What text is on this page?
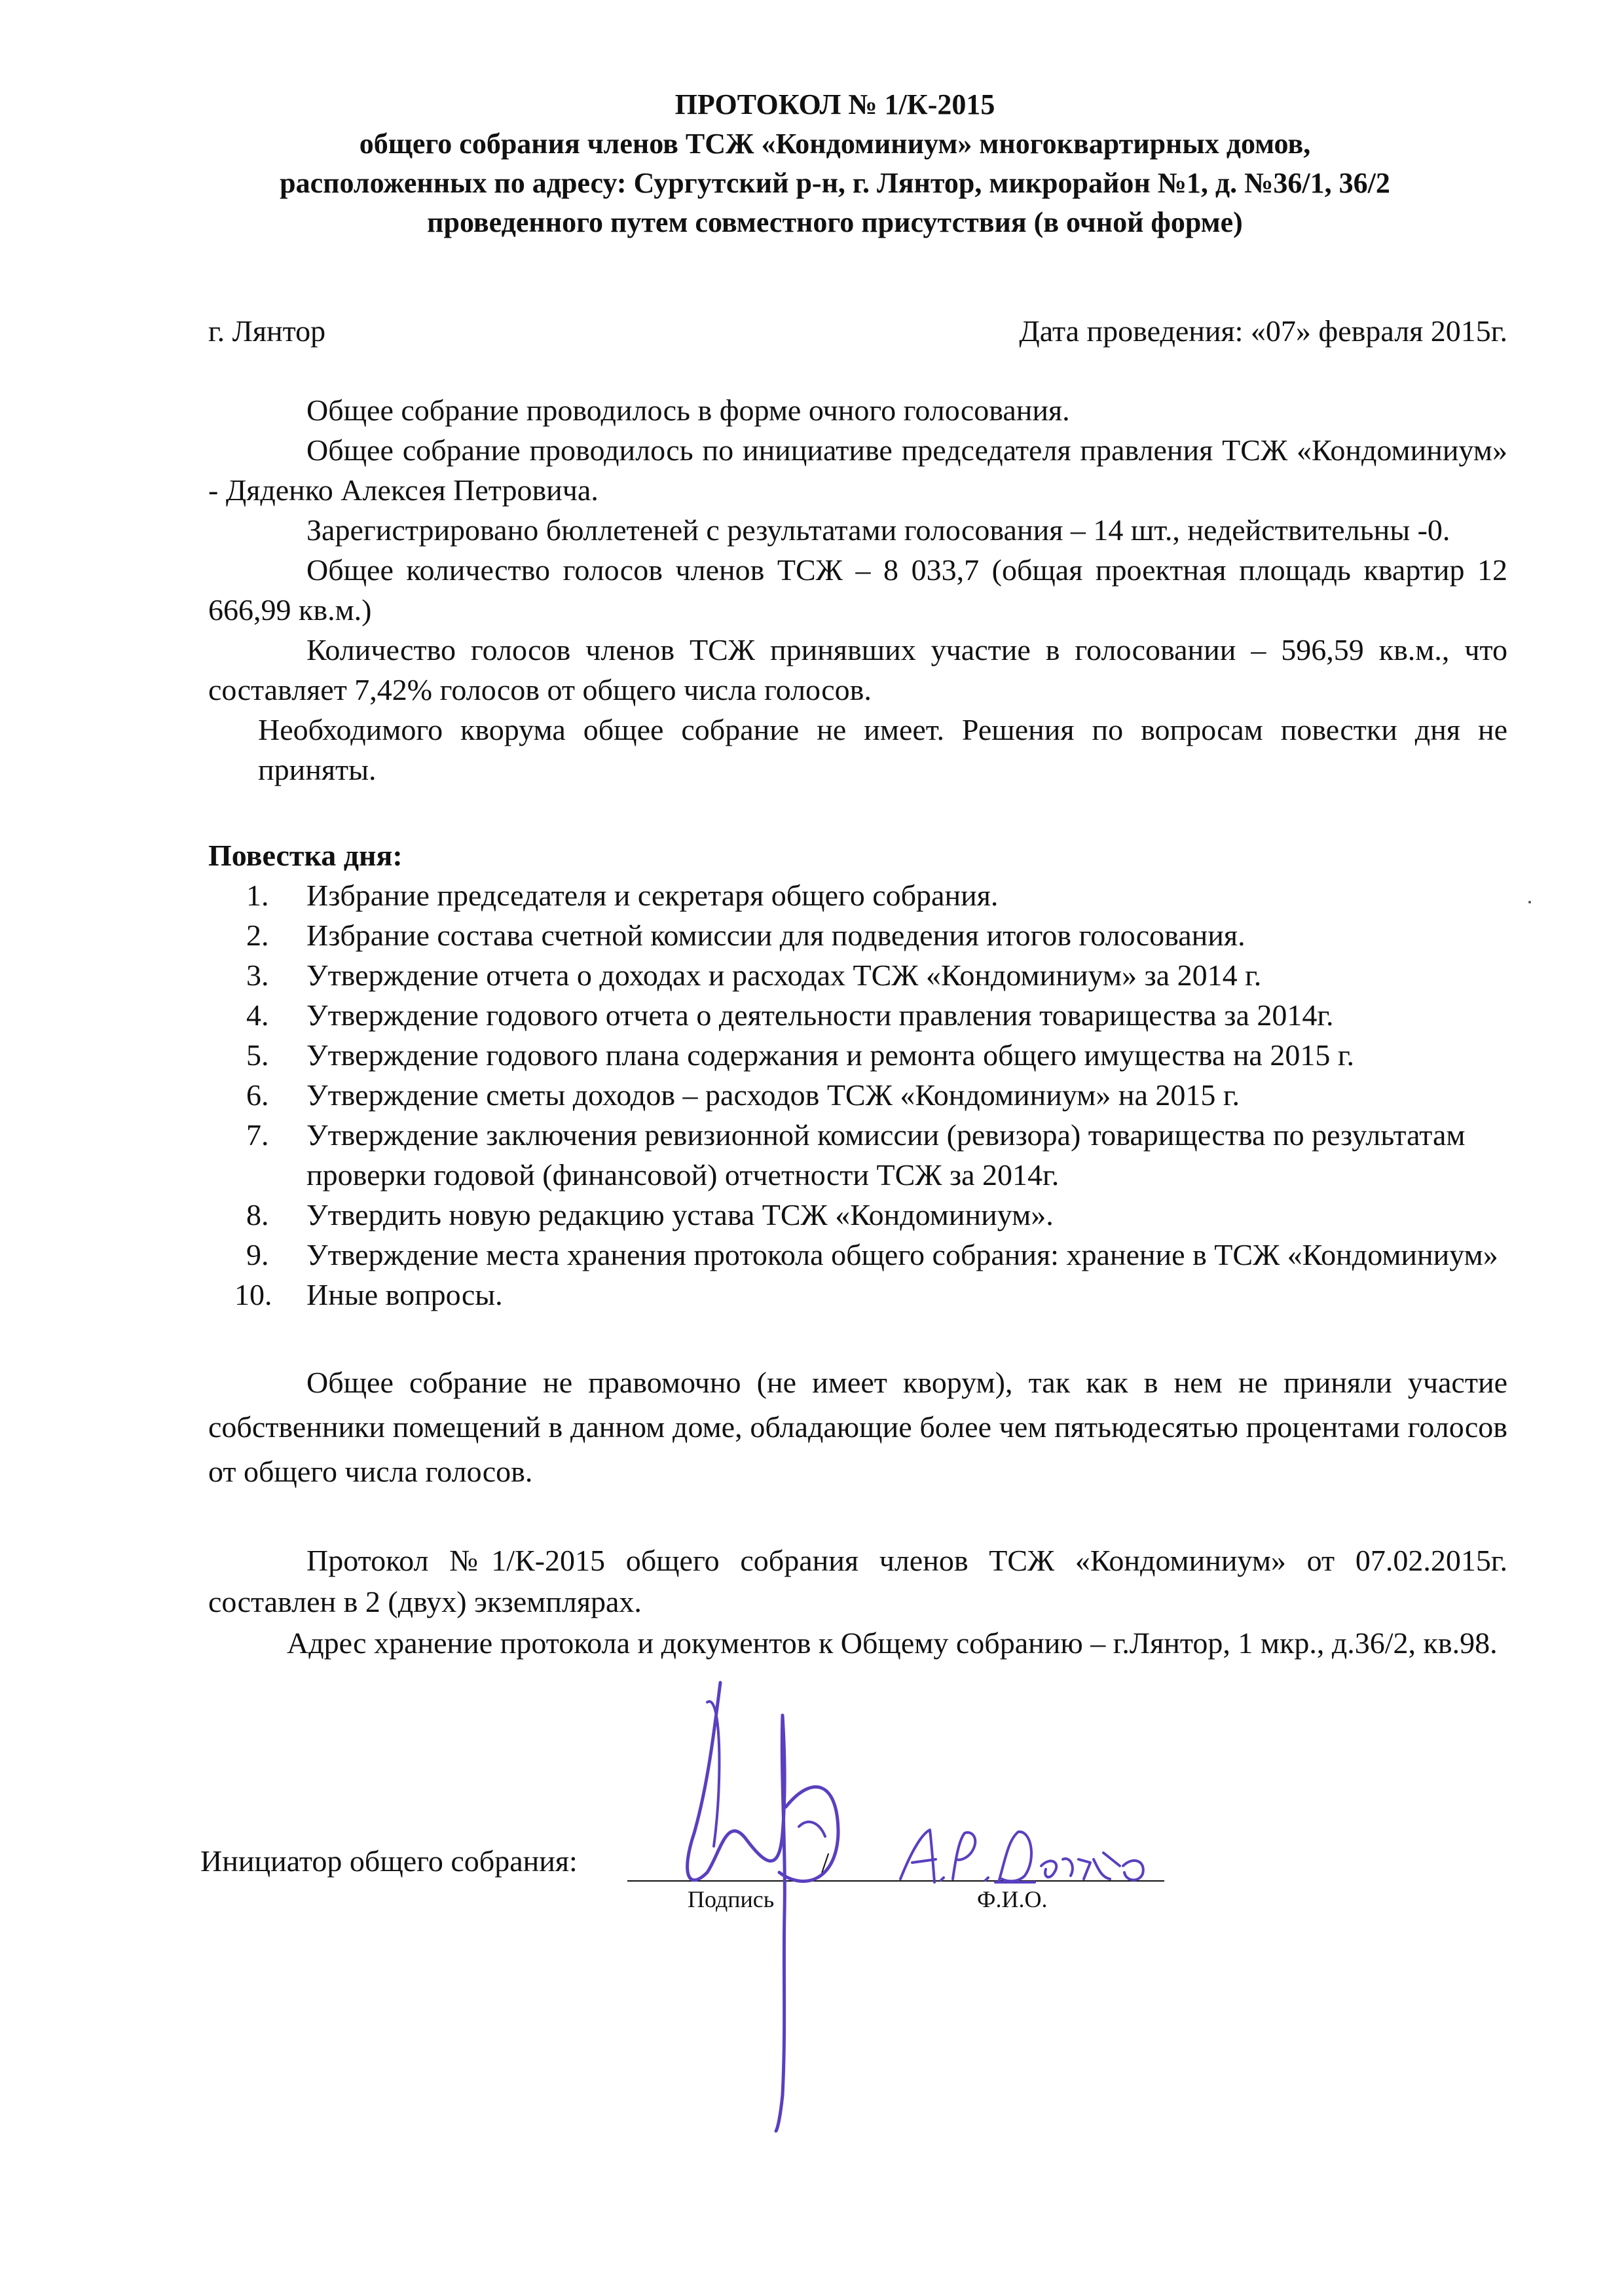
ПРОТОКОЛ № 1/К-2015
общего собрания членов ТСЖ «Кондоминиум» многоквартирных домов,
расположенных по адресу: Сургутский р-н, г. Лянтор, микрорайон №1, д. №36/1, 36/2
проведенного путем совместного присутствия (в очной форме)
г. Лянтор	Дата проведения: «07» февраля 2015г.

Общее собрание проводилось в форме очного голосования.

Общее собрание проводилось по инициативе председателя правления ТСЖ «Кондоминиум» - Дяденко Алексея Петровича.

Зарегистрировано бюллетеней с результатами голосования – 14 шт., недействительны -0.

Общее количество голосов членов ТСЖ – 8 033,7 (общая проектная площадь квартир 12 666,99 кв.м.)

Количество голосов членов ТСЖ принявших участие в голосовании – 596,59 кв.м., что составляет 7,42% голосов от общего числа голосов.

Необходимого кворума общее собрание не имеет. Решения по вопросам повестки дня не приняты.

Повестка дня:
1. Избрание председателя и секретаря общего собрания.
2. Избрание состава счетной комиссии для подведения итогов голосования.
3. Утверждение отчета о доходах и расходах ТСЖ «Кондоминиум» за 2014 г.
4. Утверждение годового отчета о деятельности правления товарищества за 2014г.
5. Утверждение годового плана содержания и ремонта общего имущества на 2015 г.
6. Утверждение сметы доходов – расходов ТСЖ «Кондоминиум» на 2015 г.
7. Утверждение заключения ревизионной комиссии (ревизора) товарищества по результатам проверки годовой (финансовой) отчетности ТСЖ за 2014г.
8. Утвердить новую редакцию устава ТСЖ «Кондоминиум».
9. Утверждение места хранения протокола общего собрания: хранение в ТСЖ «Кондоминиум»
10. Иные вопросы.

Общее собрание не правомочно (не имеет кворум), так как в нем не приняли участие собственники помещений в данном доме, обладающие более чем пятьюдесятью процентами голосов от общего числа голосов.

Протокол №1/К-2015 общего собрания членов ТСЖ «Кондоминиум» от 07.02.2015г. составлен в 2 (двух) экземплярах.

Адрес хранение протокола и документов к Общему собранию – г.Лянтор, 1 мкр., д.36/2, кв.98.

Инициатор общего собрания:	/
Подпись	Ф.И.О.
